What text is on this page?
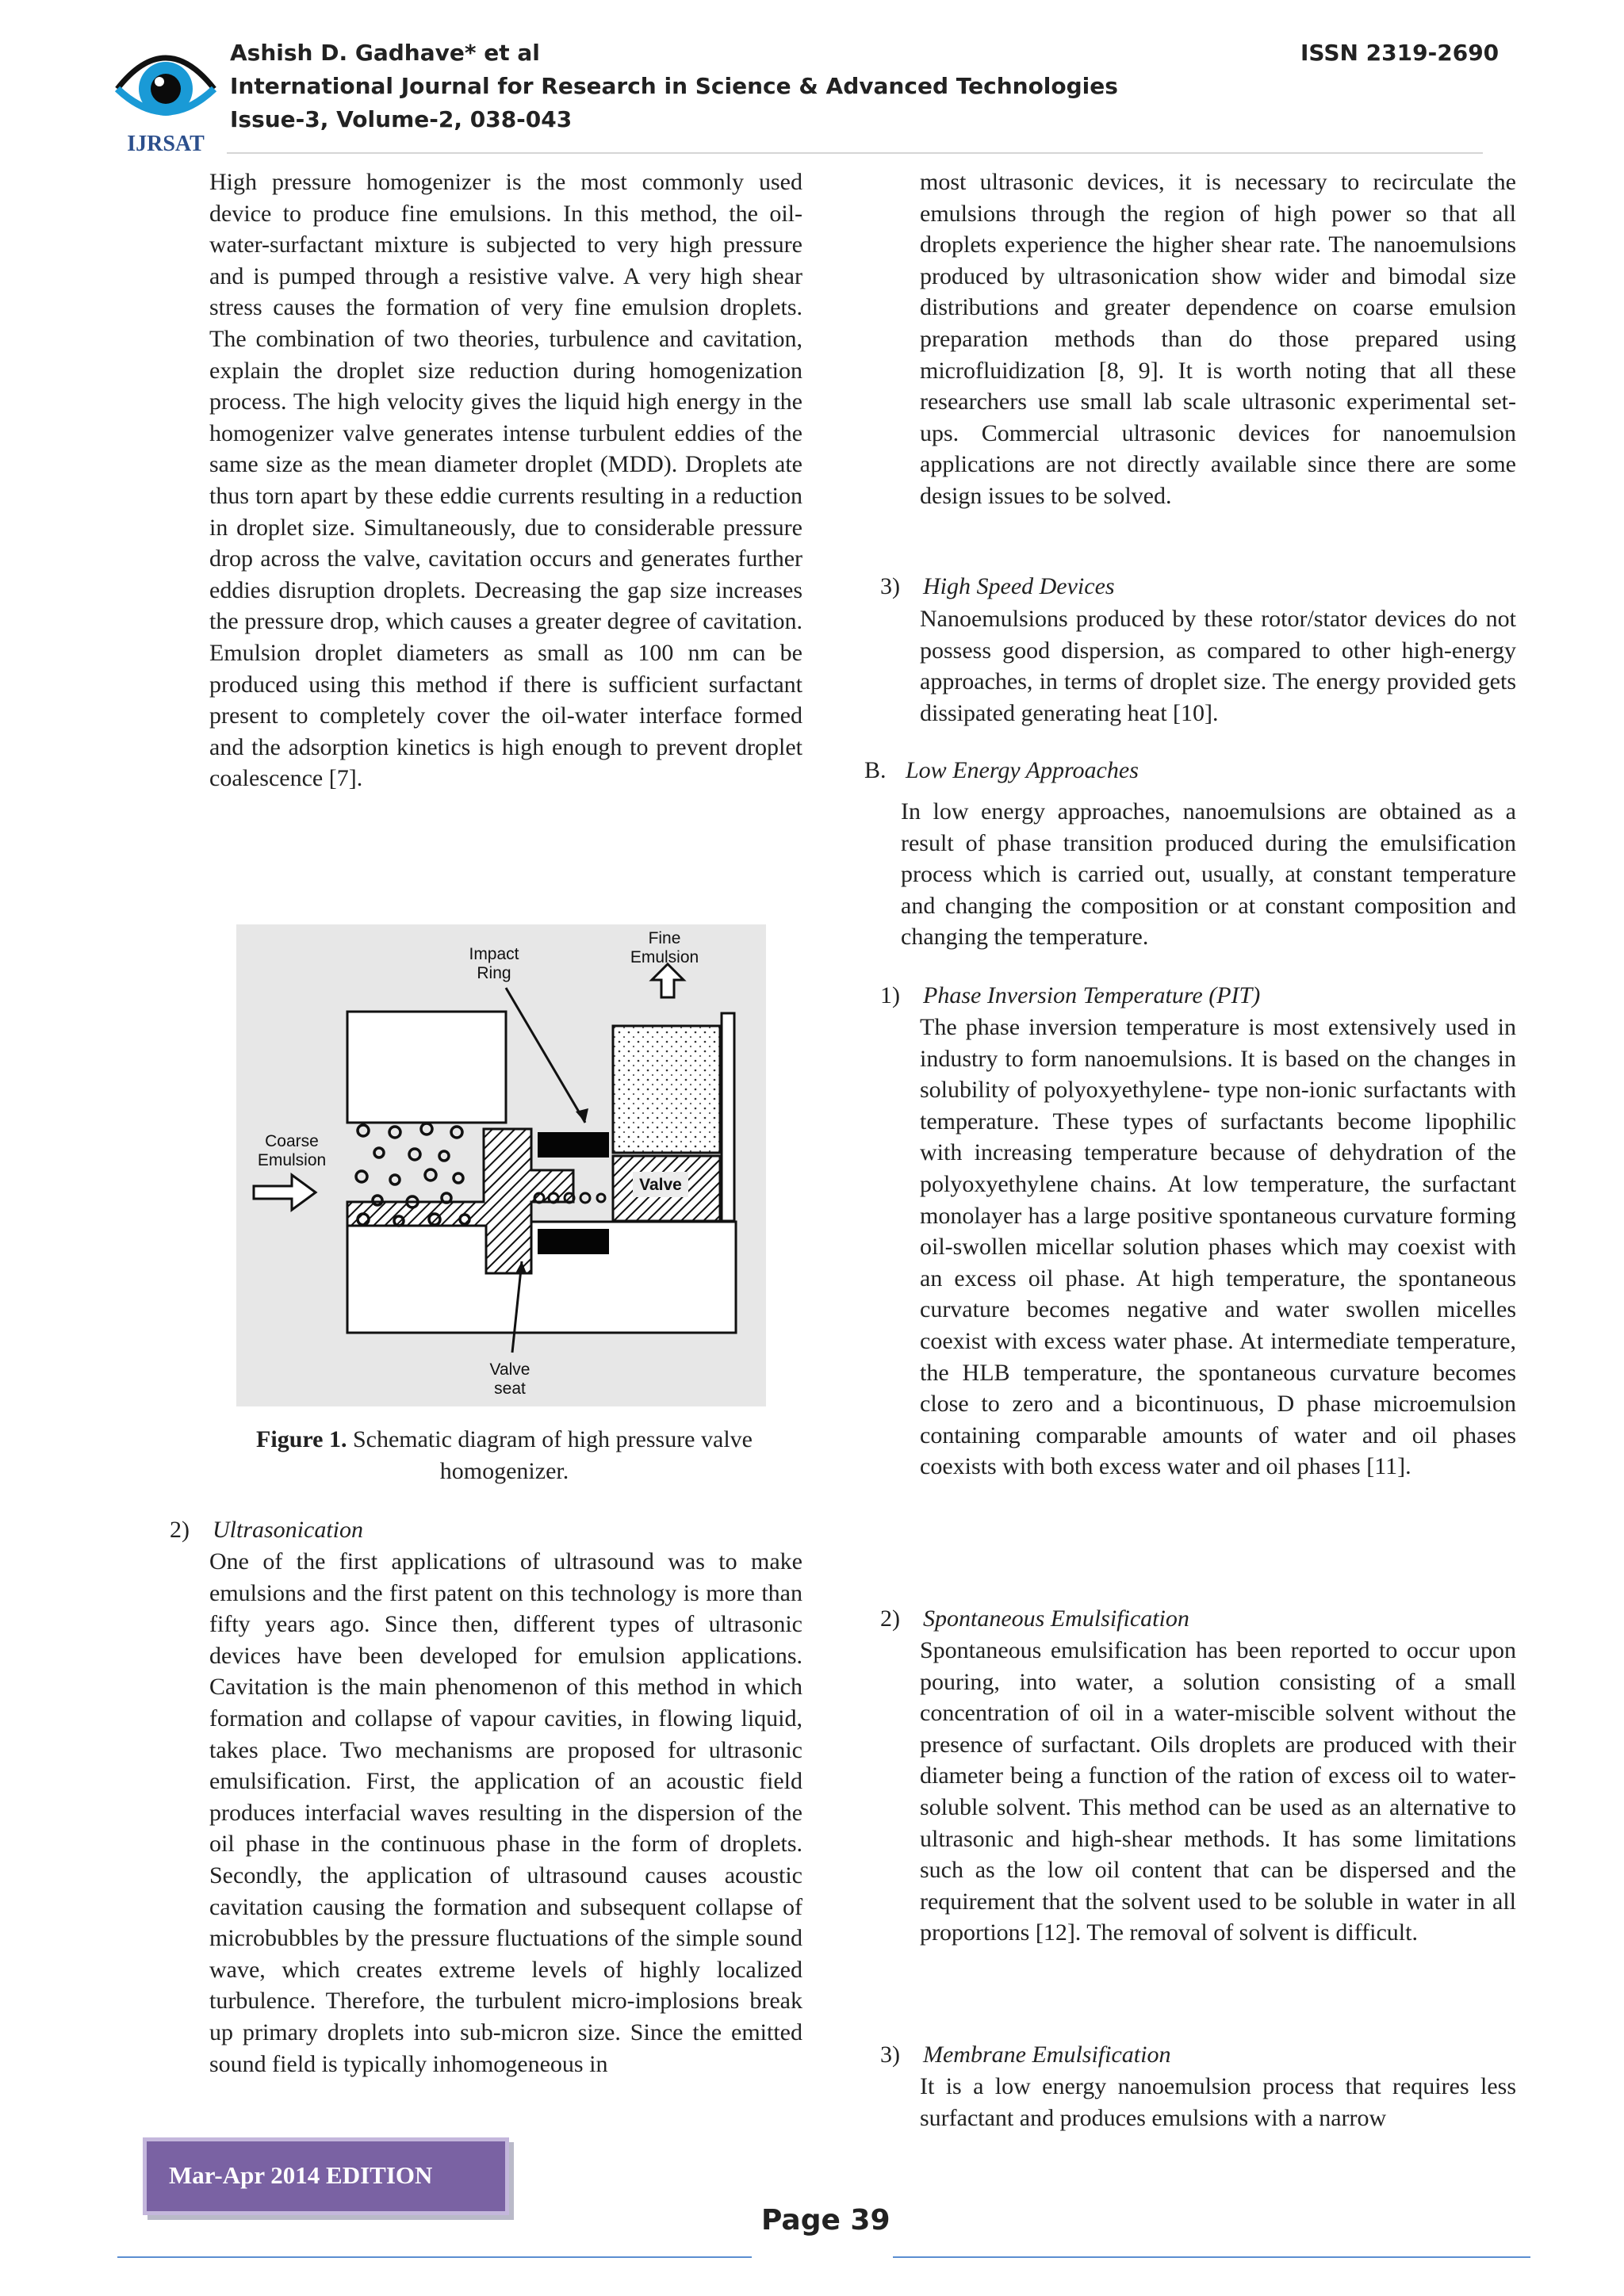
IJRSAT
Ashish D. Gadhave* et al	ISSN 2319-2690
International Journal for Research in Science & Advanced Technologies
Issue-3, Volume-2, 038-043

High pressure homogenizer is the most commonly used device to produce fine emulsions. In this method, the oil-water-surfactant mixture is subjected to very high pressure and is pumped through a resistive valve. A very high shear stress causes the formation of very fine emulsion droplets. The combination of two theories, turbulence and cavitation, explain the droplet size reduction during homogenization process. The high velocity gives the liquid high energy in the homogenizer valve generates intense turbulent eddies of the same size as the mean diameter droplet (MDD). Droplets ate thus torn apart by these eddie currents resulting in a reduction in droplet size. Simultaneously, due to considerable pressure drop across the valve, cavitation occurs and generates further eddies disruption droplets. Decreasing the gap size increases the pressure drop, which causes a greater degree of cavitation. Emulsion droplet diameters as small as 100 nm can be produced using this method if there is sufficient surfactant present to completely cover the oil-water interface formed and the adsorption kinetics is high enough to prevent droplet coalescence [7].

Impact
Ring
Fine
Emulsion
Coarse
Emulsion
Valve
Valve
seat
Figure 1. Schematic diagram of high pressure valve homogenizer.
2) Ultrasonication

One of the first applications of ultrasound was to make emulsions and the first patent on this technology is more than fifty years ago. Since then, different types of ultrasonic devices have been developed for emulsion applications. Cavitation is the main phenomenon of this method in which formation and collapse of vapour cavities, in flowing liquid, takes place. Two mechanisms are proposed for ultrasonic emulsification. First, the application of an acoustic field produces interfacial waves resulting in the dispersion of the oil phase in the continuous phase in the form of droplets. Secondly, the application of ultrasound causes acoustic cavitation causing the formation and subsequent collapse of microbubbles by the pressure fluctuations of the simple sound wave, which creates extreme levels of highly localized turbulence. Therefore, the turbulent micro-implosions break up primary droplets into sub-micron size. Since the emitted sound field is typically inhomogeneous in

most ultrasonic devices, it is necessary to recirculate the emulsions through the region of high power so that all droplets experience the higher shear rate. The nanoemulsions produced by ultrasonication show wider and bimodal size distributions and greater dependence on coarse emulsion preparation methods than do those prepared using microfluidization [8, 9]. It is worth noting that all these researchers use small lab scale ultrasonic experimental set-ups. Commercial ultrasonic devices for nanoemulsion applications are not directly available since there are some design issues to be solved.

3) High Speed Devices

Nanoemulsions produced by these rotor/stator devices do not possess good dispersion, as compared to other high-energy approaches, in terms of droplet size. The energy provided gets dissipated generating heat [10].

B. Low Energy Approaches

In low energy approaches, nanoemulsions are obtained as a result of phase transition produced during the emulsification process which is carried out, usually, at constant temperature and changing the composition or at constant composition and changing the temperature.

1) Phase Inversion Temperature (PIT)

The phase inversion temperature is most extensively used in industry to form nanoemulsions. It is based on the changes in solubility of polyoxyethylene- type non-ionic surfactants with temperature. These types of surfactants become lipophilic with increasing temperature because of dehydration of the polyoxyethylene chains. At low temperature, the surfactant monolayer has a large positive spontaneous curvature forming oil-swollen micellar solution phases which may coexist with an excess oil phase. At high temperature, the spontaneous curvature becomes negative and water swollen micelles coexist with excess water phase. At intermediate temperature, the HLB temperature, the spontaneous curvature becomes close to zero and a bicontinuous, D phase microemulsion containing comparable amounts of water and oil phases coexists with both excess water and oil phases [11].

2) Spontaneous Emulsification

Spontaneous emulsification has been reported to occur upon pouring, into water, a solution consisting of a small concentration of oil in a water-miscible solvent without the presence of surfactant. Oils droplets are produced with their diameter being a function of the ration of excess oil to water-soluble solvent. This method can be used as an alternative to ultrasonic and high-shear methods. It has some limitations such as the low oil content that can be dispersed and the requirement that the solvent used to be soluble in water in all proportions [12]. The removal of solvent is difficult.

3) Membrane Emulsification

It is a low energy nanoemulsion process that requires less surfactant and produces emulsions with a narrow

Mar-Apr 2014 EDITION
Page 39
